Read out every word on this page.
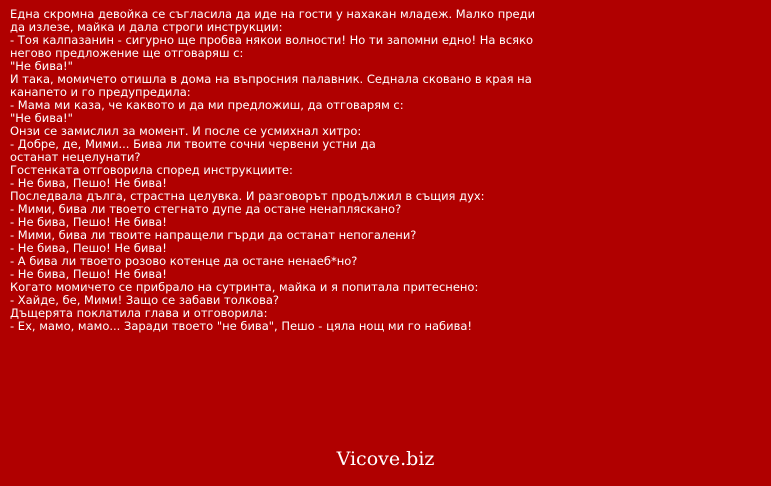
Една скромна девойка се съгласила да иде на гости у нахакан младеж. Малко преди
да излезе, майка и дала строги инструкции:
- Тоя калпазанин - сигурно ще пробва някои волности! Но ти запомни едно! На всяко
негово предложение ще отговаряш с:
"Не бива!"
И така, момичето отишла в дома на въпросния палавник. Седнала сковано в края на
канапето и го предупредила:
- Мама ми каза, че каквото и да ми предложиш, да отговарям с:
"Не бива!"
Онзи се замислил за момент. И после се усмихнал хитро:
- Добре, де, Мими... Бива ли твоите сочни червени устни да
останат нецелунати?
Гостенката отговорила според инструкциите:
- Не бива, Пешо! Не бива!
Последвала дълга, страстна целувка. И разговорът продължил в същия дух:
- Мими, бива ли твоето стегнато дупе да остане ненапляскано?
- Не бива, Пешо! Не бива!
- Мими, бива ли твоите напращели гърди да останат непогалени?
- Не бива, Пешо! Не бива!
- А бива ли твоето розово котенце да остане ненаеб*но?
- Не бива, Пешо! Не бива!
Когато момичето се прибрало на сутринта, майка и я попитала притеснено:
- Хайде, бе, Мими! Защо се забави толкова?
Дъщерята поклатила глава и отговорила:
- Ех, мамо, мамо... Заради твоето "не бива", Пешо - цяла нощ ми го набива!
Vicove.biz
